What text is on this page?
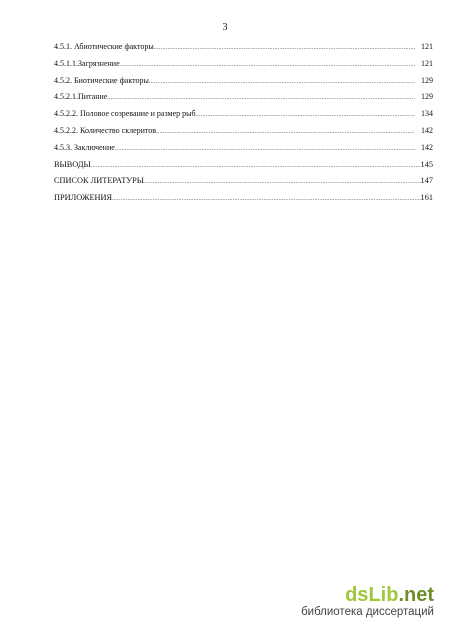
3
4.5.1. Абиотические факторы .....	121
4.5.1.1.Загрязнение .....	121
4.5.2. Биотические факторы .....	129
4.5.2.1.Питание .....	129
4.5.2.2. Половое созревание и размер рыб .....	134
4.5.2.2. Количество склеритов .....	142
4.5.3. Заключение .....	142
ВЫВОДЫ .....	145
СПИСОК ЛИТЕРАТУРЫ .....	147
ПРИЛОЖЕНИЯ .....	161
dsLib.net
библиотека диссертаций
